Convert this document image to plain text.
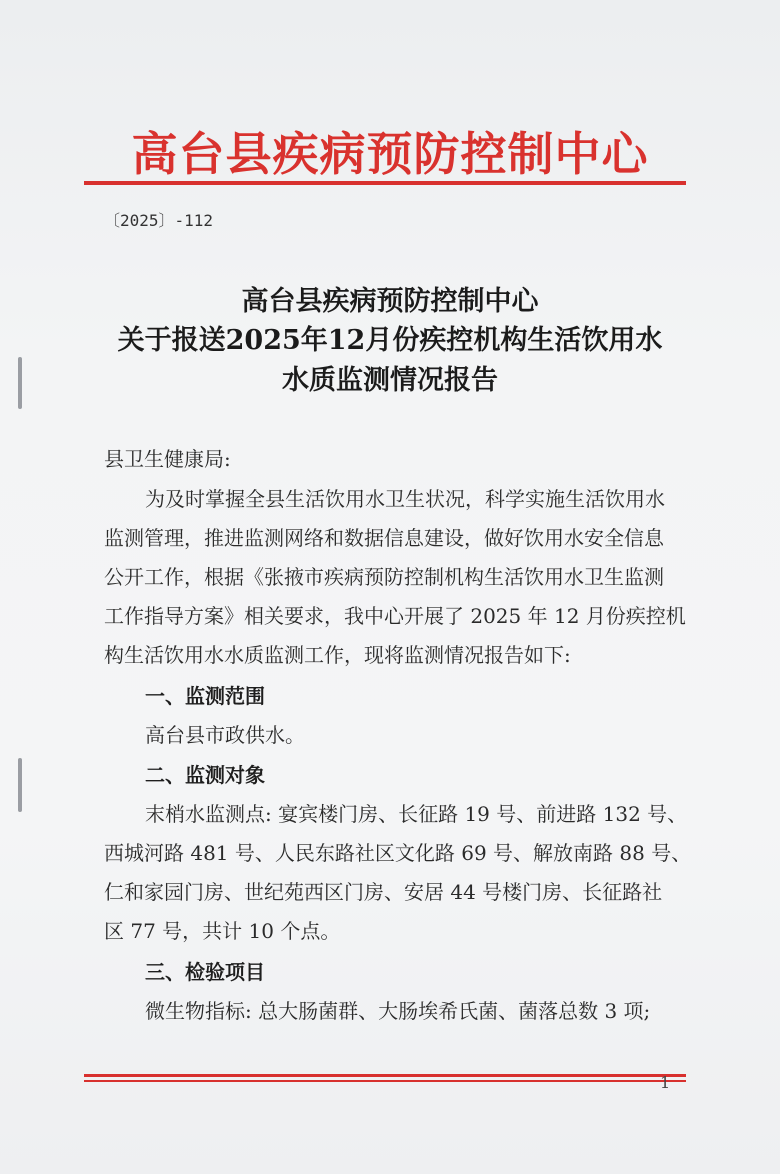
高台县疾病预防控制中心
〔2025〕-112
高台县疾病预防控制中心
关于报送2025年12月份疾控机构生活饮用水
水质监测情况报告
县卫生健康局:
为及时掌握全县生活饮用水卫生状况，科学实施生活饮用水
监测管理，推进监测网络和数据信息建设，做好饮用水安全信息
公开工作，根据《张掖市疾病预防控制机构生活饮用水卫生监测
工作指导方案》相关要求，我中心开展了 2025 年 12 月份疾控机
构生活饮用水水质监测工作，现将监测情况报告如下:
一、监测范围
高台县市政供水。
二、监测对象
末梢水监测点: 宴宾楼门房、长征路 19 号、前进路 132 号、
西城河路 481 号、人民东路社区文化路 69 号、解放南路 88 号、
仁和家园门房、世纪苑西区门房、安居 44 号楼门房、长征路社
区 77 号，共计 10 个点。
三、检验项目
微生物指标: 总大肠菌群、大肠埃希氏菌、菌落总数 3 项;
1
